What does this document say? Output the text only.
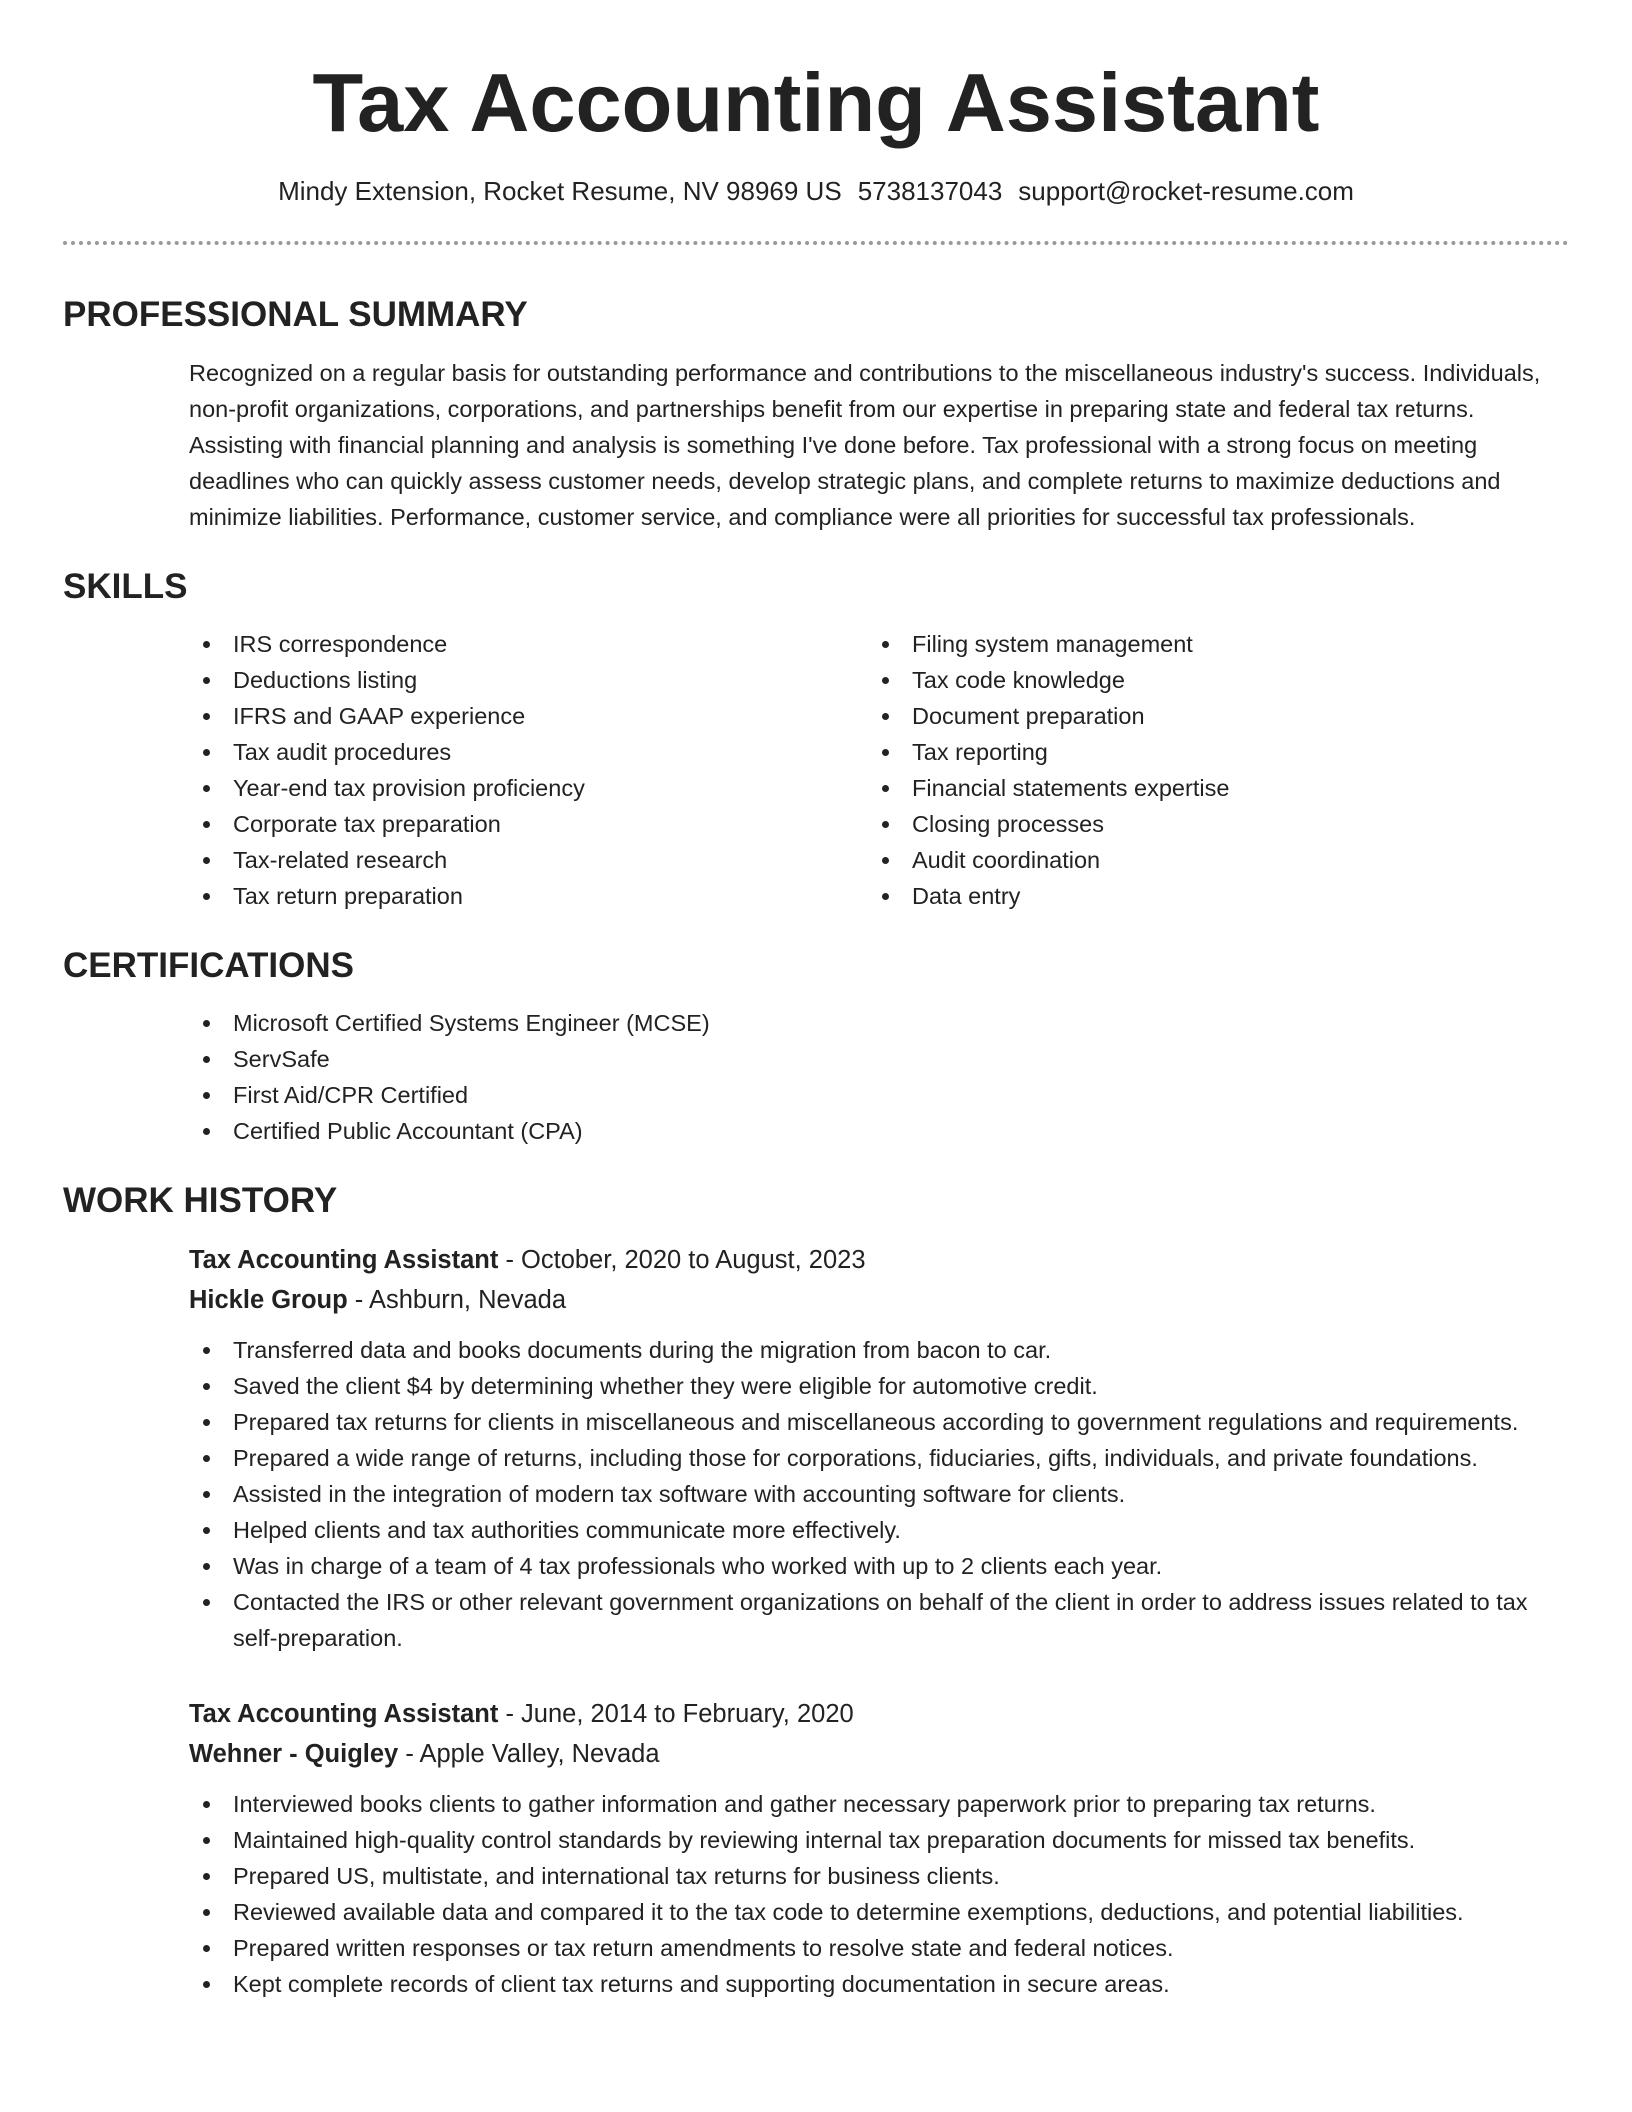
Tax Accounting Assistant
Mindy Extension, Rocket Resume, NV 98969 US 5738137043 support@rocket-resume.com
PROFESSIONAL SUMMARY

Recognized on a regular basis for outstanding performance and contributions to the miscellaneous industry's success. Individuals, non-profit organizations, corporations, and partnerships benefit from our expertise in preparing state and federal tax returns. Assisting with financial planning and analysis is something I've done before. Tax professional with a strong focus on meeting deadlines who can quickly assess customer needs, develop strategic plans, and complete returns to maximize deductions and minimize liabilities. Performance, customer service, and compliance were all priorities for successful tax professionals.

SKILLS
IRS correspondence
Deductions listing
IFRS and GAAP experience
Tax audit procedures
Year-end tax provision proficiency
Corporate tax preparation
Tax-related research
Tax return preparation
Filing system management
Tax code knowledge
Document preparation
Tax reporting
Financial statements expertise
Closing processes
Audit coordination
Data entry
CERTIFICATIONS
Microsoft Certified Systems Engineer (MCSE)
ServSafe
First Aid/CPR Certified
Certified Public Accountant (CPA)
WORK HISTORY
Tax Accounting Assistant - October, 2020 to August, 2023
Hickle Group - Ashburn, Nevada
Transferred data and books documents during the migration from bacon to car.
Saved the client $4 by determining whether they were eligible for automotive credit.
Prepared tax returns for clients in miscellaneous and miscellaneous according to government regulations and requirements.
Prepared a wide range of returns, including those for corporations, fiduciaries, gifts, individuals, and private foundations.
Assisted in the integration of modern tax software with accounting software for clients.
Helped clients and tax authorities communicate more effectively.
Was in charge of a team of 4 tax professionals who worked with up to 2 clients each year.
Contacted the IRS or other relevant government organizations on behalf of the client in order to address issues related to tax self-preparation.
Tax Accounting Assistant - June, 2014 to February, 2020
Wehner - Quigley - Apple Valley, Nevada
Interviewed books clients to gather information and gather necessary paperwork prior to preparing tax returns.
Maintained high-quality control standards by reviewing internal tax preparation documents for missed tax benefits.
Prepared US, multistate, and international tax returns for business clients.
Reviewed available data and compared it to the tax code to determine exemptions, deductions, and potential liabilities.
Prepared written responses or tax return amendments to resolve state and federal notices.
Kept complete records of client tax returns and supporting documentation in secure areas.
